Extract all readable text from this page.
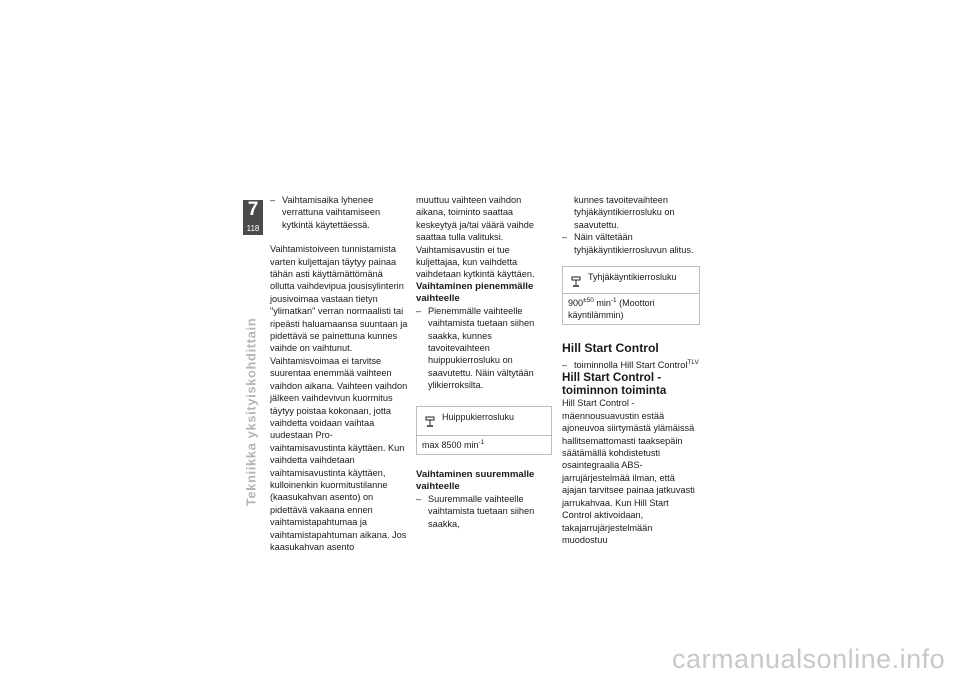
7
118
Tekniikka yksityiskohdittain

– Vaihtamisaika lyhenee verrattuna vaihtamiseen kytkintä käytettäessä.

Vaihtamistoiveen tunnistamista varten kuljettajan täytyy painaa tähän asti käyttämättömänä ollutta vaihdevipua jousisylinterin jousivoimaa vastaan tietyn "ylimatkan" verran normaalisti tai ripeästi haluamaansa suuntaan ja pidettävä se painettuna kunnes vaihde on vaihtunut. Vaihtamisvoimaa ei tarvitse suurentaa enemmää vaihteen vaihdon aikana. Vaihteen vaihdon jälkeen vaihdevivun kuormitus täytyy poistaa kokonaan, jotta vaihdetta voidaan vaihtaa uudestaan Pro-vaihtamisavustinta käyttäen. Kun vaihdetta vaihdetaan vaihtamisavustinta käyttäen, kulloinenkin kuormitustilanne (kaasukahvan asento) on pidettävä vakaana ennen vaihtamistapahtumaa ja vaihtamistapahtuman aikana. Jos kaasukahvan asento

muuttuu vaihteen vaihdon aikana, toiminto saattaa keskeytyä ja/tai väärä vaihde saattaa tulla valituksi. Vaihtamisavustin ei tue kuljettajaa, kun vaihdetta vaihdetaan kytkintä käyttäen.

Vaihtaminen pienemmälle vaihteelle

– Pienemmälle vaihteelle vaihtamista tuetaan siihen saakka, kunnes tavoitevaihteen huippukierrosluku on saavutettu. Näin vältytään ylikierroksilta.

Huippukierrosluku
max 8500 $\min^{-1}$

Vaihtaminen suuremmalle vaihteelle

– Suuremmalle vaihteelle vaihtamista tuetaan siihen saakka,

kunnes tavoitevaihteen tyhjäkäyntikierrosluku on saavutettu.

– Näin vältetään tyhjäkäyntikierrosluvun alitus.

Tyhjäkäyntikierrosluku
$900^{\pm 50}$ $\min^{-1}$ (Moottori käyntilämmin)

Hill Start Control

– toiminnolla Hill Start Control$^{TLV}$

Hill Start Control -toiminnon toiminta

Hill Start Control -mäennousuavustin estää ajoneuvoa siirtymästä ylämäissä hallitsemattomasti taaksepäin säätämällä kohdistetusti osaintegraalia ABS-jarrujärjestelmää ilman, että ajajan tarvitsee painaa jatkuvasti jarrukahvaa. Kun Hill Start Control aktivoidaan, takajarrujärjestelmään muodostuu

carmanualsonline.info
